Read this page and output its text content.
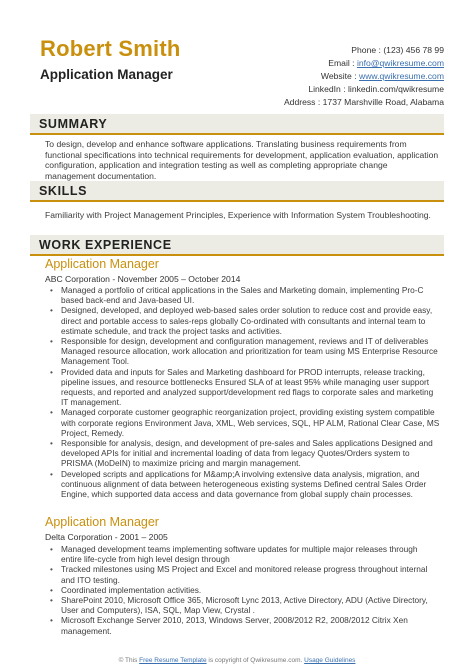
Robert Smith
Application Manager
Phone : (123) 456 78 99
Email : info@qwikresume.com
Website : www.qwikresume.com
LinkedIn : linkedin.com/qwikresume
Address : 1737 Marshville Road, Alabama
SUMMARY

To design, develop and enhance software applications. Translating business requirements from functional specifications into technical requirements for development, application evaluation, application configuration, application and integration testing as well as completing appropriate change management documentation.

SKILLS

Familiarity with Project Management Principles, Experience with Information System Troubleshooting.

WORK EXPERIENCE
Application Manager
ABC Corporation - November 2005 – October 2014
• Managed a portfolio of critical applications in the Sales and Marketing domain, implementing Pro-C based back-end and Java-based UI.
• Designed, developed, and deployed web-based sales order solution to reduce cost and provide easy, direct and portable access to sales-reps globally Co-ordinated with consultants and internal team to estimate schedule, and track the project tasks and activities.
• Responsible for design, development and configuration management, reviews and IT of deliverables Managed resource allocation, work allocation and prioritization for team using MS Enterprise Resource Management Tool.
• Provided data and inputs for Sales and Marketing dashboard for PROD interrupts, release tracking, pipeline issues, and resource bottlenecks Ensured SLA of at least 95% while managing user support requests, and reported and analyzed support/development red flags to corporate sales and marketing IT management.
• Managed corporate customer geographic reorganization project, providing existing system compatible with corporate regions Environment Java, XML, Web services, SQL, HP ALM, Rational Clear Case, MS Project, Remedy.
• Responsible for analysis, design, and development of pre-sales and Sales applications Designed and developed APIs for initial and incremental loading of data from legacy Quotes/Orders system to PRISMA (MoDeIN) to maximize pricing and margin management.
• Developed scripts and applications for M&amp;A involving extensive data analysis, migration, and continuous alignment of data between heterogeneous existing systems Defined central Sales Order Engine, which supported data access and data governance from global supply chain processes.
Application Manager
Delta Corporation - 2001 – 2005
• Managed development teams implementing software updates for multiple major releases through entire life-cycle from high level design through
• Tracked milestones using MS Project and Excel and monitored release progress throughout internal and ITO testing.
• Coordinated implementation activities.
• SharePoint 2010, Microsoft Office 365, Microsoft Lync 2013, Active Directory, ADU (Active Directory, User and Computers), ISA, SQL, Map View, Crystal .
• Microsoft Exchange Server 2010, 2013, Windows Server, 2008/2012 R2, 2008/2012 Citrix Xen management.
© This Free Resume Template is copyright of Qwikresume.com. Usage Guidelines
